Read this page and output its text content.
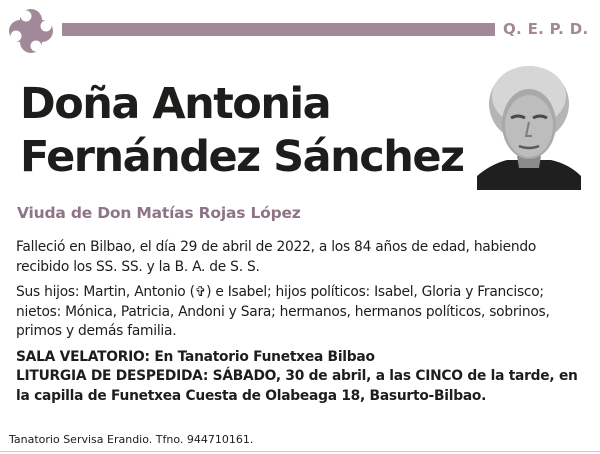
Q. E. P. D.
Doña Antonia
Fernández Sánchez
Viuda de Don Matías Rojas López

Falleció en Bilbao, el día 29 de abril de 2022, a los 84 años de edad, habiendo recibido los SS. SS. y la B. A. de S. S.

Sus hijos: Martin, Antonio (✞) e Isabel; hijos políticos: Isabel, Gloria y Francisco; nietos: Mónica, Patricia, Andoni y Sara; hermanos, hermanos políticos, sobrinos, primos y demás familia.

SALA VELATORIO: En Tanatorio Funetxea Bilbao

LITURGIA DE DESPEDIDA: SÁBADO, 30 de abril, a las CINCO de la tarde, en la capilla de Funetxea Cuesta de Olabeaga 18, Basurto-Bilbao.

Tanatorio Servisa Erandio. Tfno. 944710161.
